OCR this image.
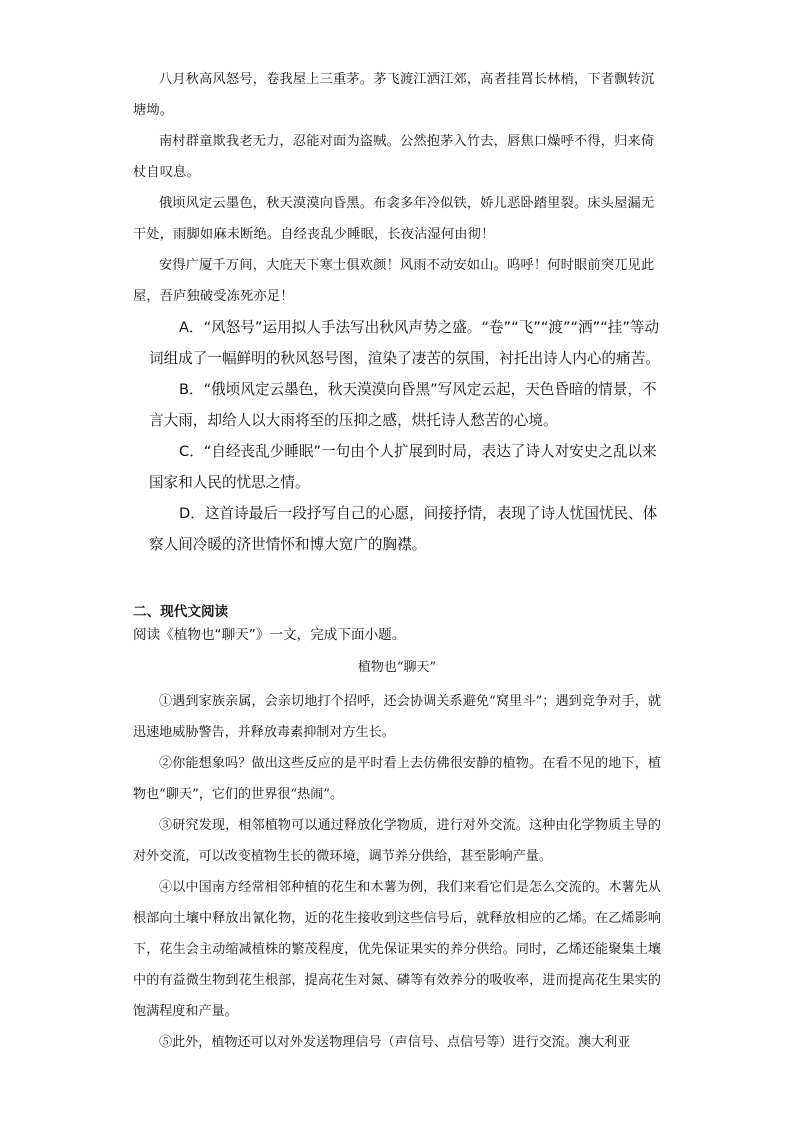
八月秋高风怒号，卷我屋上三重茅。茅飞渡江洒江郊，高者挂罥长林梢，下者飘转沉塘坳。

南村群童欺我老无力，忍能对面为盗贼。公然抱茅入竹去，唇焦口燥呼不得，归来倚杖自叹息。

俄顷风定云墨色，秋天漠漠向昏黑。布衾多年冷似铁，娇儿恶卧踏里裂。床头屋漏无干处，雨脚如麻未断绝。自经丧乱少睡眠，长夜沾湿何由彻！

安得广厦千万间，大庇天下寒士俱欢颜！风雨不动安如山。呜呼！何时眼前突兀见此屋，吾庐独破受冻死亦足！

A．“风怒号”运用拟人手法写出秋风声势之盛。“卷”“飞”“渡”“洒”“挂”等动词组成了一幅鲜明的秋风怒号图，渲染了凄苦的氛围，衬托出诗人内心的痛苦。

B．“俄顷风定云墨色，秋天漠漠向昏黑”写风定云起，天色昏暗的情景，不言大雨，却给人以大雨将至的压抑之感，烘托诗人愁苦的心境。

C．“自经丧乱少睡眠”一句由个人扩展到时局，表达了诗人对安史之乱以来国家和人民的忧思之情。

D．这首诗最后一段抒写自己的心愿，间接抒情，表现了诗人忧国忧民、体察人间冷暖的济世情怀和博大宽广的胸襟。

二、现代文阅读

阅读《植物也“聊天”》一文，完成下面小题。

植物也“聊天”

①遇到家族亲属，会亲切地打个招呼，还会协调关系避免“窝里斗”；遇到竞争对手，就迅速地威胁警告，并释放毒素抑制对方生长。

②你能想象吗？做出这些反应的是平时看上去仿佛很安静的植物。在看不见的地下，植物也“聊天”，它们的世界很“热闹”。

③研究发现，相邻植物可以通过释放化学物质，进行对外交流。这种由化学物质主导的对外交流，可以改变植物生长的微环境，调节养分供给，甚至影响产量。

④以中国南方经常相邻种植的花生和木薯为例，我们来看它们是怎么交流的。木薯先从根部向土壤中释放出氰化物，近的花生接收到这些信号后，就释放相应的乙烯。在乙烯影响下，花生会主动缩减植株的繁茂程度，优先保证果实的养分供给。同时，乙烯还能聚集土壤中的有益微生物到花生根部，提高花生对氮、磷等有效养分的吸收率，进而提高花生果实的饱满程度和产量。

⑤此外，植物还可以对外发送物理信号（声信号、点信号等）进行交流。澳大利亚
